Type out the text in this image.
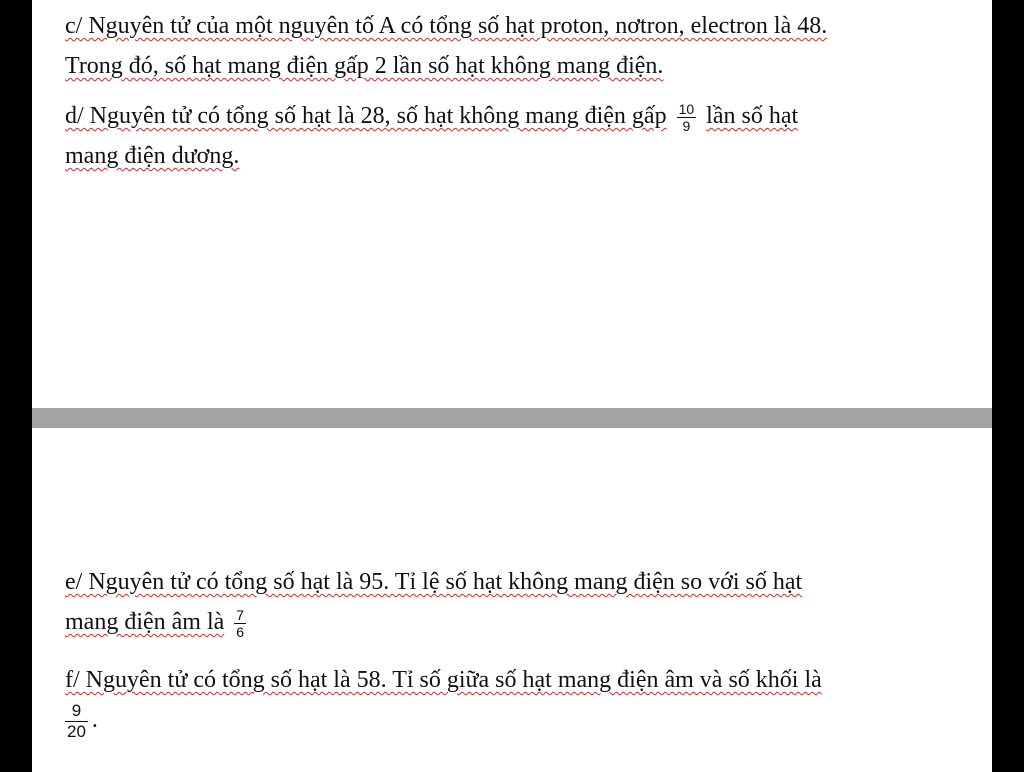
c/ Nguyên tử của một nguyên tố A có tổng số hạt proton, nơtron, electron là 48.
Trong đó, số hạt mang điện gấp 2 lần số hạt không mang điện.

d/ Nguyên tử có tổng số hạt là 28, số hạt không mang điện gấp $\frac{10}{9}$ lần số hạt
mang điện dương.

e/ Nguyên tử có tổng số hạt là 95. Tỉ lệ số hạt không mang điện so với số hạt
mang điện âm là $\frac{7}{6}$

f/ Nguyên tử có tổng số hạt là 58. Tỉ số giữa số hạt mang điện âm và số khối là

$\frac{9}{20}$ .
